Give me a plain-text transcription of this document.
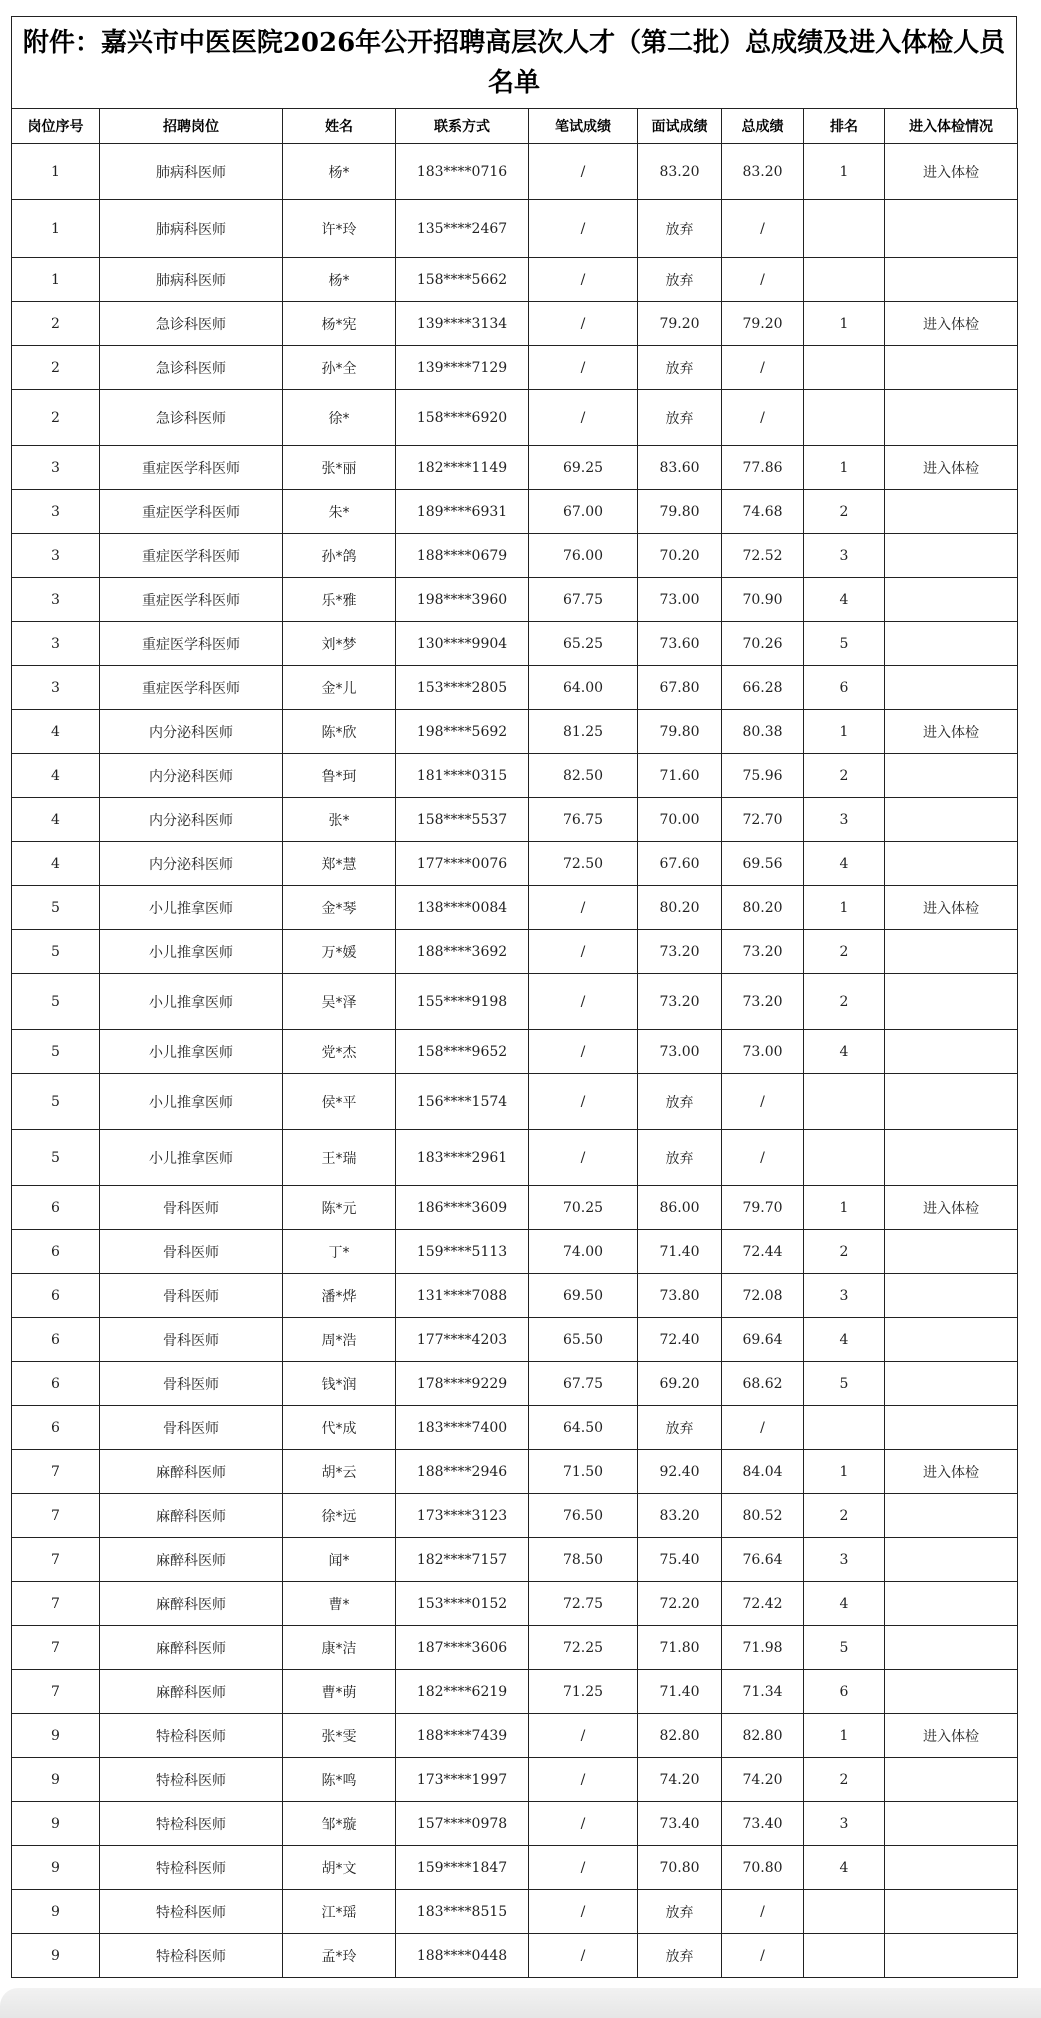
附件：嘉兴市中医医院2026年公开招聘高层次人才（第二批）总成绩及进入体检人员名单
岗位序号	招聘岗位	姓名	联系方式	笔试成绩	面试成绩	总成绩	排名	进入体检情况
1	肺病科医师	杨*	183****0716	/	83.20	83.20	1	进入体检
1	肺病科医师	许*玲	135****2467	/	放弃	/		
1	肺病科医师	杨*	158****5662	/	放弃	/		
2	急诊科医师	杨*宪	139****3134	/	79.20	79.20	1	进入体检
2	急诊科医师	孙*全	139****7129	/	放弃	/		
2	急诊科医师	徐*	158****6920	/	放弃	/		
3	重症医学科医师	张*丽	182****1149	69.25	83.60	77.86	1	进入体检
3	重症医学科医师	朱*	189****6931	67.00	79.80	74.68	2	
3	重症医学科医师	孙*鸽	188****0679	76.00	70.20	72.52	3	
3	重症医学科医师	乐*雅	198****3960	67.75	73.00	70.90	4	
3	重症医学科医师	刘*梦	130****9904	65.25	73.60	70.26	5	
3	重症医学科医师	金*儿	153****2805	64.00	67.80	66.28	6	
4	内分泌科医师	陈*欣	198****5692	81.25	79.80	80.38	1	进入体检
4	内分泌科医师	鲁*珂	181****0315	82.50	71.60	75.96	2	
4	内分泌科医师	张*	158****5537	76.75	70.00	72.70	3	
4	内分泌科医师	郑*慧	177****0076	72.50	67.60	69.56	4	
5	小儿推拿医师	金*琴	138****0084	/	80.20	80.20	1	进入体检
5	小儿推拿医师	万*媛	188****3692	/	73.20	73.20	2	
5	小儿推拿医师	吴*泽	155****9198	/	73.20	73.20	2	
5	小儿推拿医师	党*杰	158****9652	/	73.00	73.00	4	
5	小儿推拿医师	侯*平	156****1574	/	放弃	/		
5	小儿推拿医师	王*瑞	183****2961	/	放弃	/		
6	骨科医师	陈*元	186****3609	70.25	86.00	79.70	1	进入体检
6	骨科医师	丁*	159****5113	74.00	71.40	72.44	2	
6	骨科医师	潘*烨	131****7088	69.50	73.80	72.08	3	
6	骨科医师	周*浩	177****4203	65.50	72.40	69.64	4	
6	骨科医师	钱*润	178****9229	67.75	69.20	68.62	5	
6	骨科医师	代*成	183****7400	64.50	放弃	/		
7	麻醉科医师	胡*云	188****2946	71.50	92.40	84.04	1	进入体检
7	麻醉科医师	徐*远	173****3123	76.50	83.20	80.52	2	
7	麻醉科医师	闻*	182****7157	78.50	75.40	76.64	3	
7	麻醉科医师	曹*	153****0152	72.75	72.20	72.42	4	
7	麻醉科医师	康*洁	187****3606	72.25	71.80	71.98	5	
7	麻醉科医师	曹*萌	182****6219	71.25	71.40	71.34	6	
9	特检科医师	张*雯	188****7439	/	82.80	82.80	1	进入体检
9	特检科医师	陈*鸣	173****1997	/	74.20	74.20	2	
9	特检科医师	邹*璇	157****0978	/	73.40	73.40	3	
9	特检科医师	胡*文	159****1847	/	70.80	70.80	4	
9	特检科医师	江*瑶	183****8515	/	放弃	/		
9	特检科医师	孟*玲	188****0448	/	放弃	/		
